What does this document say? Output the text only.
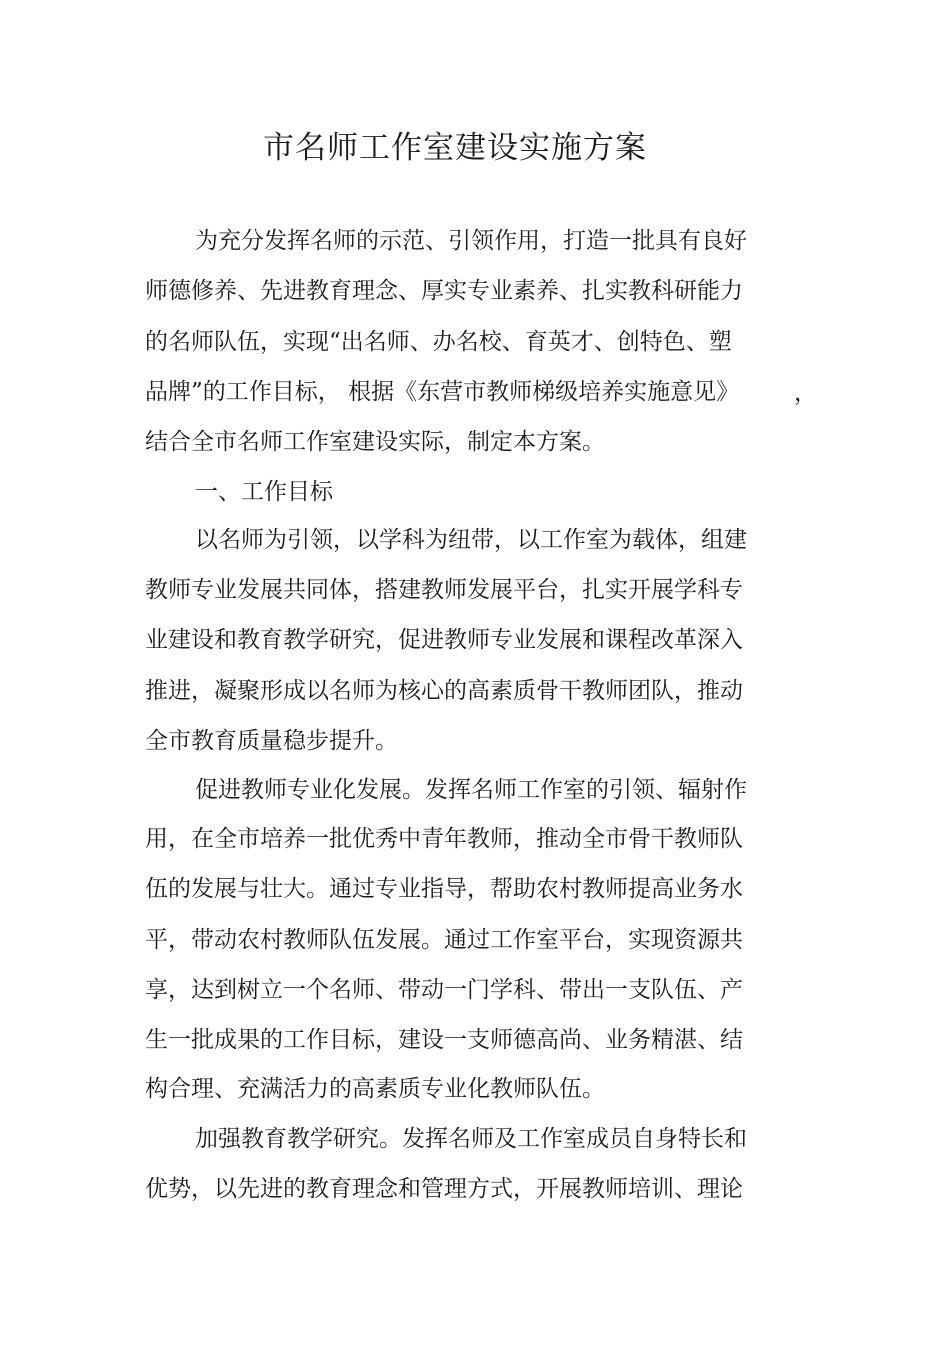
市名师工作室建设实施方案

为充分发挥名师的示范、引领作用，打造一批具有良好

师德修养、先进教育理念、厚实专业素养、扎实教科研能力

的名师队伍，实现“出名师、办名校、育英才、创特色、塑

品牌”的工作目标， 根据《东营市教师梯级培养实施意见》 ，

结合全市名师工作室建设实际，制定本方案。

一、工作目标

以名师为引领，以学科为纽带，以工作室为载体，组建

教师专业发展共同体，搭建教师发展平台，扎实开展学科专

业建设和教育教学研究，促进教师专业发展和课程改革深入

推进，凝聚形成以名师为核心的高素质骨干教师团队，推动

全市教育质量稳步提升。

促进教师专业化发展。发挥名师工作室的引领、辐射作

用，在全市培养一批优秀中青年教师，推动全市骨干教师队

伍的发展与壮大。通过专业指导，帮助农村教师提高业务水

平，带动农村教师队伍发展。通过工作室平台，实现资源共

享，达到树立一个名师、带动一门学科、带出一支队伍、产

生一批成果的工作目标，建设一支师德高尚、业务精湛、结

构合理、充满活力的高素质专业化教师队伍。

加强教育教学研究。发挥名师及工作室成员自身特长和

优势，以先进的教育理念和管理方式，开展教师培训、理论
